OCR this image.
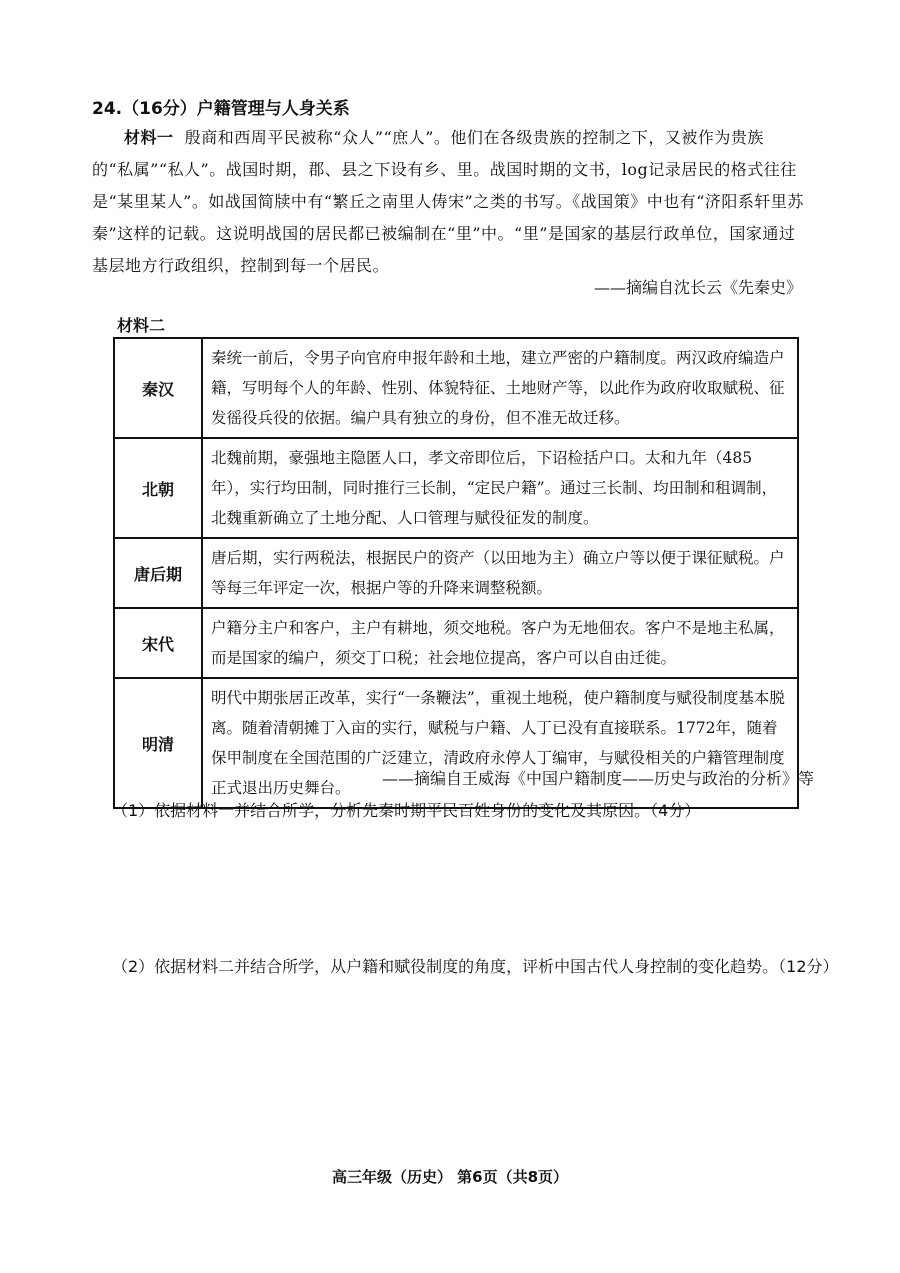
24.（16分）户籍管理与人身关系
材料一 殷商和西周平民被称“众人”“庶人”。他们在各级贵族的控制之下，又被作为贵族的“私属”“私人”。战国时期，郡、县之下设有乡、里。战国时期的文书，log记录居民的格式往往是“某里某人”。如战国简牍中有“繁丘之南里人俦宋”之类的书写。《战国策》中也有“济阳系轩里苏秦”这样的记载。这说明战国的居民都已被编制在“里”中。“里”是国家的基层行政单位，国家通过基层地方行政组织，控制到每一个居民。
——摘编自沈长云《先秦史》
材料二
秦汉	秦统一前后，令男子向官府申报年龄和土地，建立严密的户籍制度。两汉政府编造户籍，写明每个人的年龄、性别、体貌特征、土地财产等，以此作为政府收取赋税、征发徭役兵役的依据。编户具有独立的身份，但不准无故迁移。
北朝	北魏前期，豪强地主隐匿人口，孝文帝即位后，下诏检括户口。太和九年（485年），实行均田制，同时推行三长制，“定民户籍”。通过三长制、均田制和租调制，北魏重新确立了土地分配、人口管理与赋役征发的制度。
唐后期	唐后期，实行两税法，根据民户的资产（以田地为主）确立户等以便于课征赋税。户等每三年评定一次，根据户等的升降来调整税额。
宋代	户籍分主户和客户，主户有耕地，须交地税。客户为无地佃农。客户不是地主私属，而是国家的编户，须交丁口税；社会地位提高，客户可以自由迁徙。
明清	明代中期张居正改革，实行“一条鞭法”，重视土地税，使户籍制度与赋役制度基本脱离。随着清朝摊丁入亩的实行，赋税与户籍、人丁已没有直接联系。1772年，随着保甲制度在全国范围的广泛建立，清政府永停人丁编审，与赋役相关的户籍管理制度正式退出历史舞台。 ——摘编自王威海《中国户籍制度——历史与政治的分析》等
（1）依据材料一并结合所学，分析先秦时期平民百姓身份的变化及其原因。（4分）
（2）依据材料二并结合所学，从户籍和赋役制度的角度，评析中国古代人身控制的变化趋势。（12分）
高三年级（历史） 第6页（共8页）
